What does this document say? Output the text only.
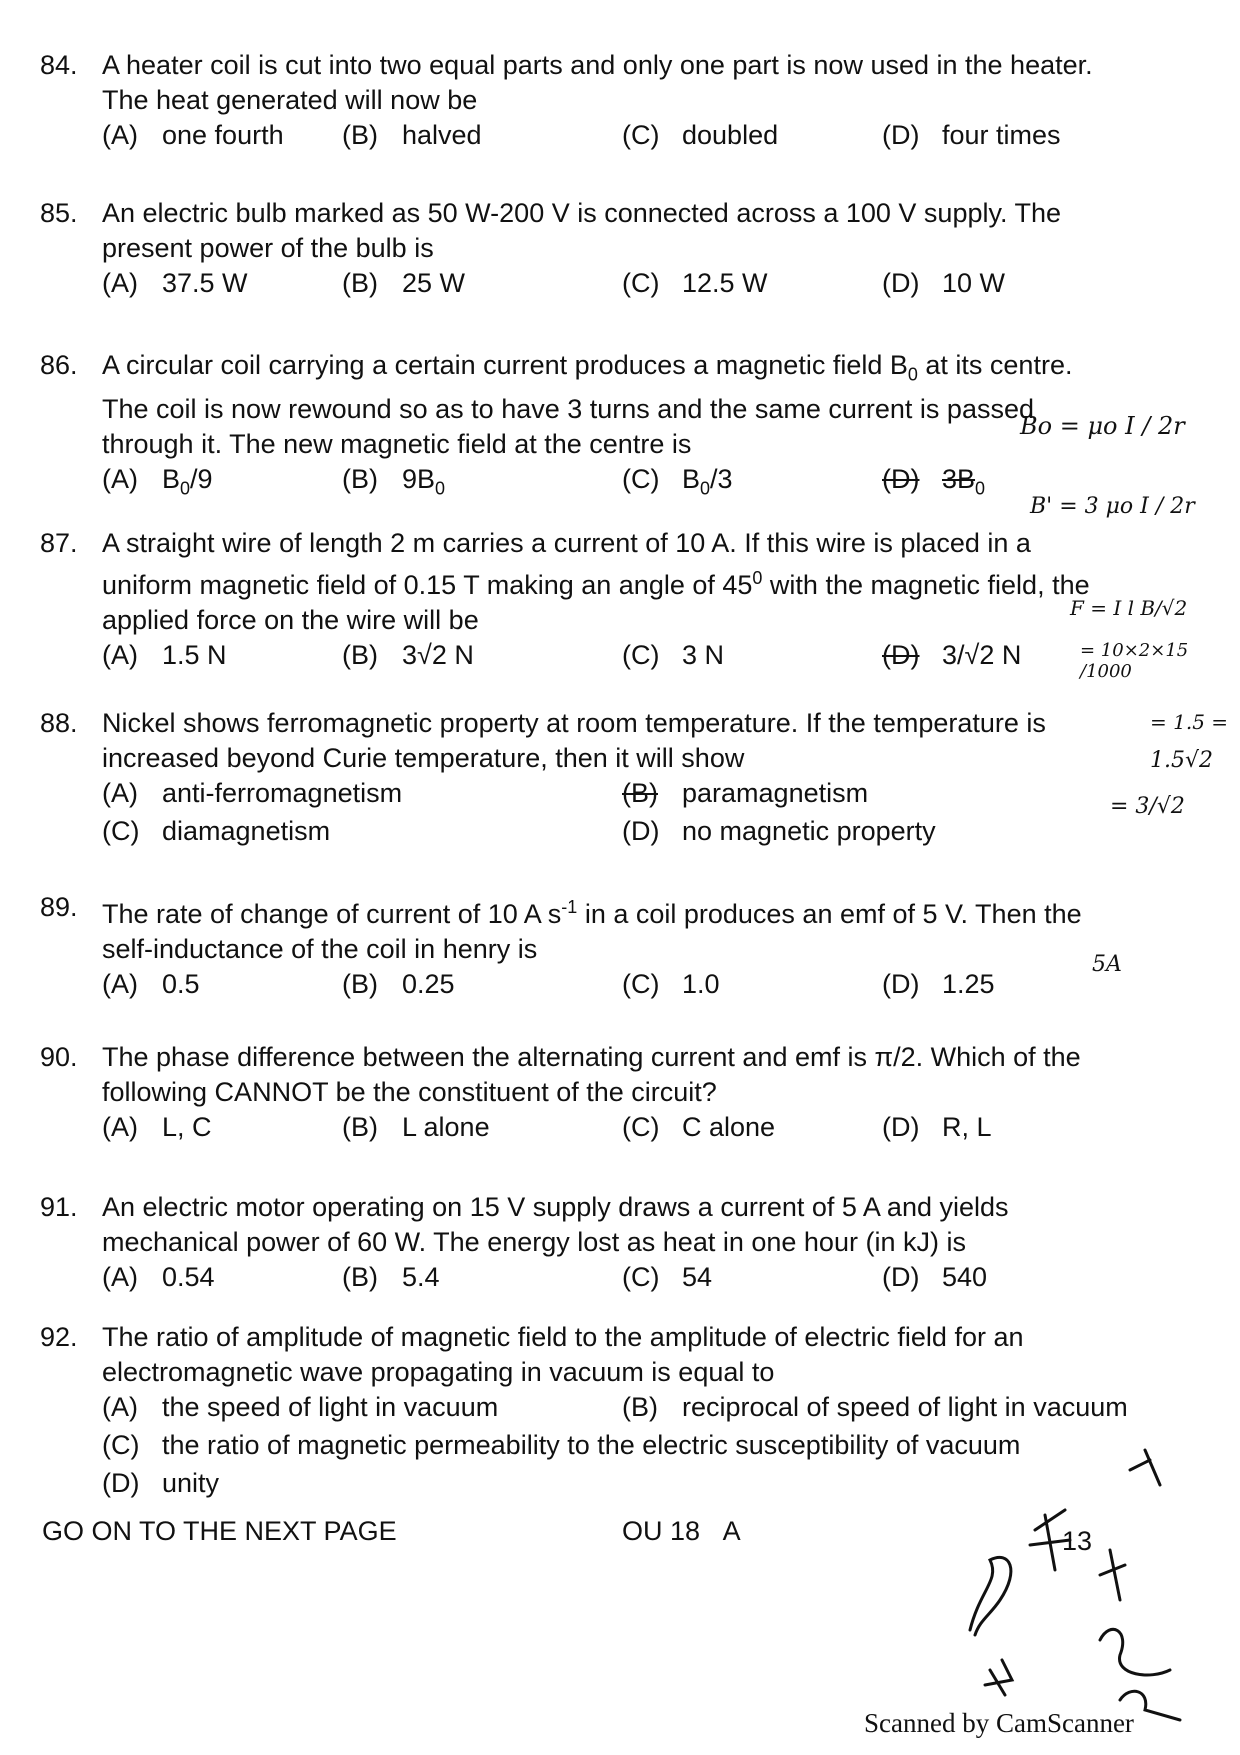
84. A heater coil is cut into two equal parts and only one part is now used in the heater.
The heat generated will now be
(A) one fourth (B) halved	(C) doubled	(D) four times
85. An electric bulb marked as 50 W-200 V is connected across a 100 V supply. The
present power of the bulb is
(A) 37.5 W	(B) 25 W	(C) 12.5 W	(D) 10 W
86. A circular coil carrying a certain current produces a magnetic field $B_0$ at its centre.
The coil is now rewound so as to have 3 turns and the same current is passed
through it. The new magnetic field at the centre is
(A) $B_0/9$	(B) $9B_0$	(C) $B_0/3$	(D) $3B_0$
87. A straight wire of length 2 m carries a current of 10 A. If this wire is placed in a
uniform magnetic field of 0.15 T making an angle of $45^0$ with the magnetic field, the
applied force on the wire will be
(A) 1.5 N	(B) 3√2 N	(C) 3 N	(D) 3/√2 N
88. Nickel shows ferromagnetic property at room temperature. If the temperature is
increased beyond Curie temperature, then it will show
(A) anti-ferromagnetism	(B) paramagnetism
(C) diamagnetism	(D) no magnetic property
89. The rate of change of current of 10 A $s^{-1}$ in a coil produces an emf of 5 V. Then the
self-inductance of the coil in henry is
(A) 0.5	(B) 0.25	(C) 1.0	(D) 1.25
90. The phase difference between the alternating current and emf is π/2. Which of the
following CANNOT be the constituent of the circuit?
(A) L, C	(B) L alone	(C) C alone	(D) R, L
91. An electric motor operating on 15 V supply draws a current of 5 A and yields
mechanical power of 60 W. The energy lost as heat in one hour (in kJ) is
(A) 0.54	(B) 5.4	(C) 54	(D) 540
92. The ratio of amplitude of magnetic field to the amplitude of electric field for an
electromagnetic wave propagating in vacuum is equal to
(A) the speed of light in vacuum	(B) reciprocal of speed of light in vacuum
(C) the ratio of magnetic permeability to the electric susceptibility of vacuum
(D) unity
GO ON TO THE NEXT PAGE	OU 18 A	13
Scanned by CamScanner
Bo = μo I / 2r
B' = 3 μo I / 2r
F = I l B/√2
= 10×2×15 /1000
= 1.5 =
1.5√2
= 3/√2
5A
